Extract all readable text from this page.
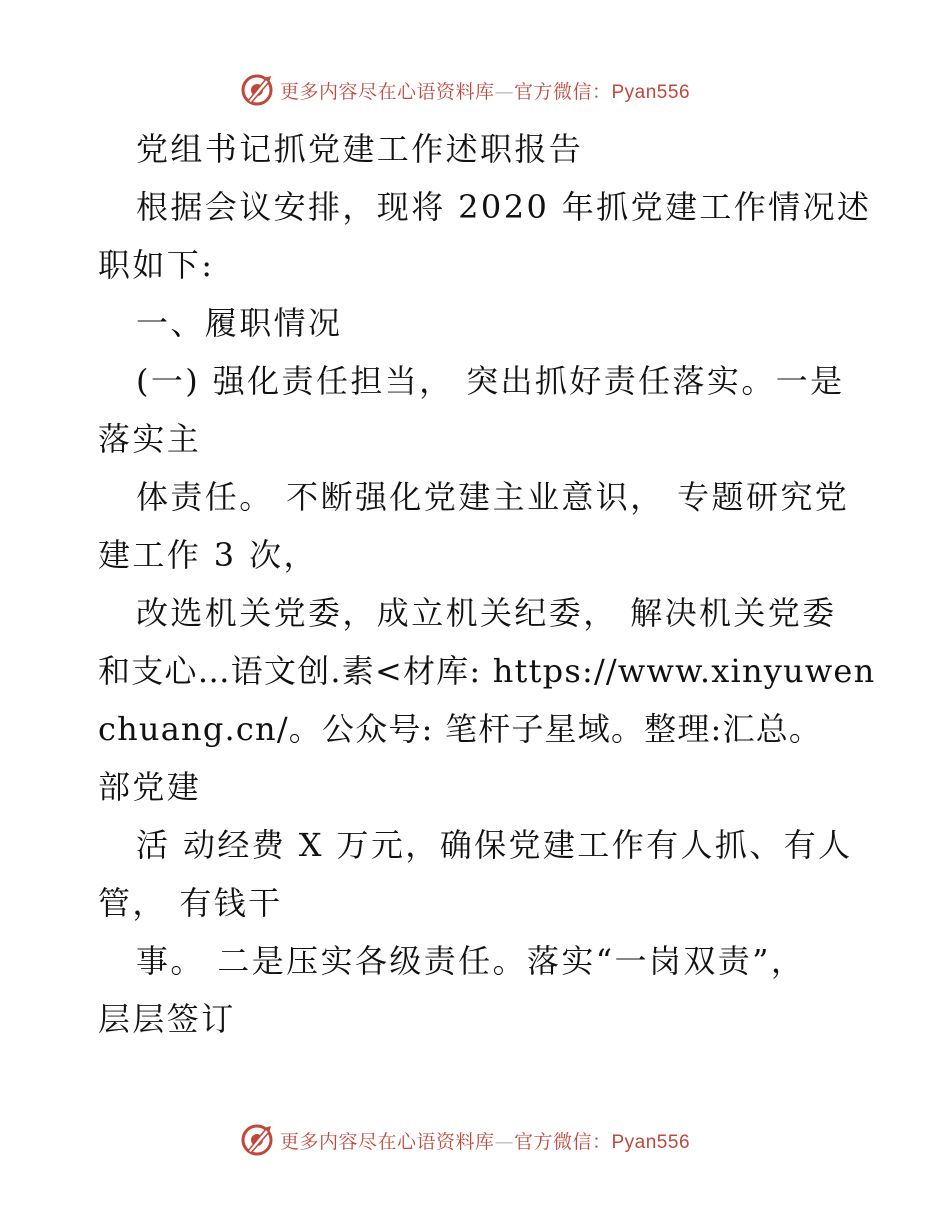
更多内容尽在心语资料库—官方微信：Pyan556
党组书记抓党建工作述职报告
根据会议安排，现将 2020 年抓党建工作情况述
职如下:
一、履职情况
(一) 强化责任担当， 突出抓好责任落实。一是
落实主
体责任。 不断强化党建主业意识， 专题研究党
建工作 3 次，
改选机关党委，成立机关纪委， 解决机关党委
和支心…语文创.素<材库: https://www.xinyuwen
chuang.cn/。公众号: 笔杆子星域。整理:汇总。
部党建
活 动经费 X 万元，确保党建工作有人抓、有人
管， 有钱干
事。 二是压实各级责任。落实“一岗双责”，
层层签订
更多内容尽在心语资料库—官方微信：Pyan556
